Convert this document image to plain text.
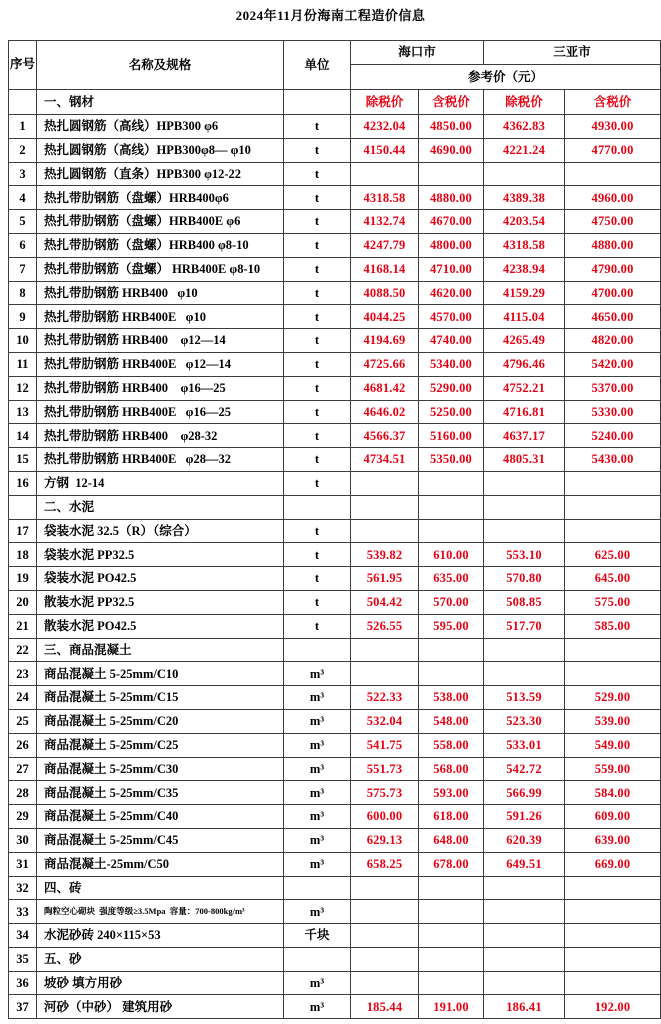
2024年11月份海南工程造价信息
序号	名称及规格	单位	海口市		三亚市	
			参考价（元）			
	一、钢材		除税价	含税价	除税价	含税价
1	热扎圆钢筋（高线）HPB300 φ6	t	4232.04	4850.00	4362.83	4930.00
2	热扎圆钢筋（高线）HPB300φ8— φ10	t	4150.44	4690.00	4221.24	4770.00
3	热扎圆钢筋（直条）HPB300 φ12-22	t				
4	热扎带肋钢筋（盘螺）HRB400φ6	t	4318.58	4880.00	4389.38	4960.00
5	热扎带肋钢筋（盘螺）HRB400E φ6	t	4132.74	4670.00	4203.54	4750.00
6	热扎带肋钢筋（盘螺）HRB400 φ8-10	t	4247.79	4800.00	4318.58	4880.00
7	热扎带肋钢筋（盘螺） HRB400E φ8-10	t	4168.14	4710.00	4238.94	4790.00
8	热扎带肋钢筋 HRB400   φ10	t	4088.50	4620.00	4159.29	4700.00
9	热扎带肋钢筋 HRB400E   φ10	t	4044.25	4570.00	4115.04	4650.00
10	热扎带肋钢筋 HRB400    φ12—14	t	4194.69	4740.00	4265.49	4820.00
11	热扎带肋钢筋 HRB400E   φ12—14	t	4725.66	5340.00	4796.46	5420.00
12	热扎带肋钢筋 HRB400    φ16—25	t	4681.42	5290.00	4752.21	5370.00
13	热扎带肋钢筋 HRB400E   φ16—25	t	4646.02	5250.00	4716.81	5330.00
14	热扎带肋钢筋 HRB400    φ28-32	t	4566.37	5160.00	4637.17	5240.00
15	热扎带肋钢筋 HRB400E   φ28—32	t	4734.51	5350.00	4805.31	5430.00
16	方钢  12-14	t				
	二、水泥					
17	袋装水泥 32.5（R）（综合）	t				
18	袋装水泥 PP32.5	t	539.82	610.00	553.10	625.00
19	袋装水泥 PO42.5	t	561.95	635.00	570.80	645.00
20	散装水泥 PP32.5	t	504.42	570.00	508.85	575.00
21	散装水泥 PO42.5	t	526.55	595.00	517.70	585.00
22	三、商品混凝土					
23	商品混凝土 5-25mm/C10	m³				
24	商品混凝土 5-25mm/C15	m³	522.33	538.00	513.59	529.00
25	商品混凝土 5-25mm/C20	m³	532.04	548.00	523.30	539.00
26	商品混凝土 5-25mm/C25	m³	541.75	558.00	533.01	549.00
27	商品混凝土 5-25mm/C30	m³	551.73	568.00	542.72	559.00
28	商品混凝土 5-25mm/C35	m³	575.73	593.00	566.99	584.00
29	商品混凝土 5-25mm/C40	m³	600.00	618.00	591.26	609.00
30	商品混凝土 5-25mm/C45	m³	629.13	648.00	620.39	639.00
31	商品混凝土-25mm/C50	m³	658.25	678.00	649.51	669.00
32	四、砖					
33	陶粒空心砌块  强度等级≥3.5Mpa  容量：700-800kg/m³	m³				
34	水泥砂砖 240×115×53	千块				
35	五、砂					
36	坡砂 填方用砂	m³				
37	河砂（中砂） 建筑用砂	m³	185.44	191.00	186.41	192.00
